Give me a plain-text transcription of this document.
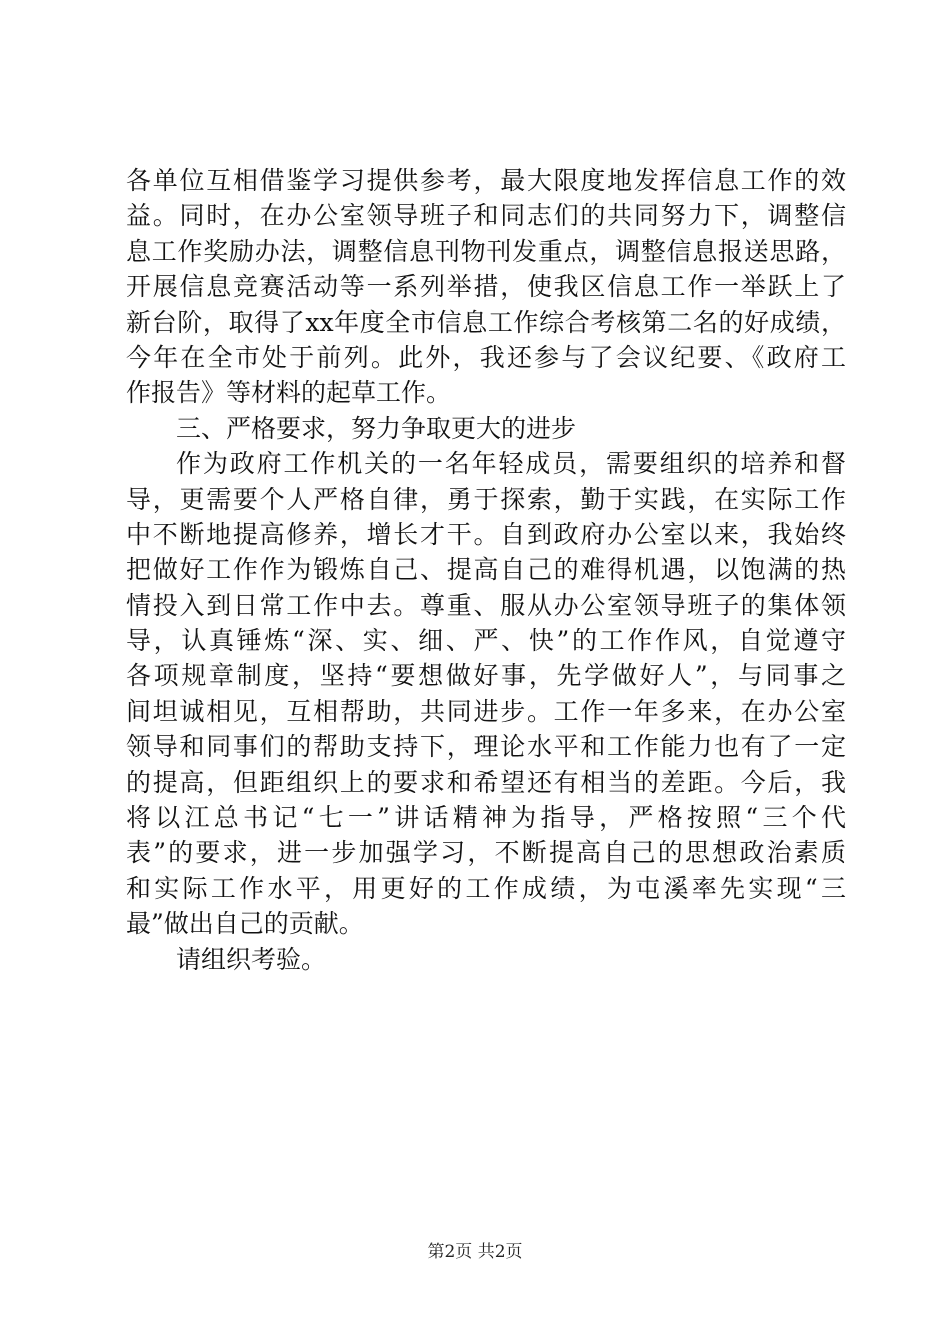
各单位互相借鉴学习提供参考，最大限度地发挥信息工作的效
益。同时，在办公室领导班子和同志们的共同努力下，调整信
息工作奖励办法，调整信息刊物刊发重点，调整信息报送思路，
开展信息竞赛活动等一系列举措，使我区信息工作一举跃上了
新台阶，取得了xx年度全市信息工作综合考核第二名的好成绩，
今年在全市处于前列。此外，我还参与了会议纪要、《政府工
作报告》等材料的起草工作。
三、严格要求，努力争取更大的进步
作为政府工作机关的一名年轻成员，需要组织的培养和督
导，更需要个人严格自律，勇于探索，勤于实践，在实际工作
中不断地提高修养，增长才干。自到政府办公室以来，我始终
把做好工作作为锻炼自己、提高自己的难得机遇，以饱满的热
情投入到日常工作中去。尊重、服从办公室领导班子的集体领
导，认真锤炼“深、实、细、严、快”的工作作风，自觉遵守
各项规章制度，坚持“要想做好事，先学做好人”，与同事之
间坦诚相见，互相帮助，共同进步。工作一年多来，在办公室
领导和同事们的帮助支持下，理论水平和工作能力也有了一定
的提高，但距组织上的要求和希望还有相当的差距。今后，我
将以江总书记“七一”讲话精神为指导，严格按照“三个代
表”的要求，进一步加强学习，不断提高自己的思想政治素质
和实际工作水平，用更好的工作成绩，为屯溪率先实现“三
最”做出自己的贡献。
请组织考验。
第2页 共2页
